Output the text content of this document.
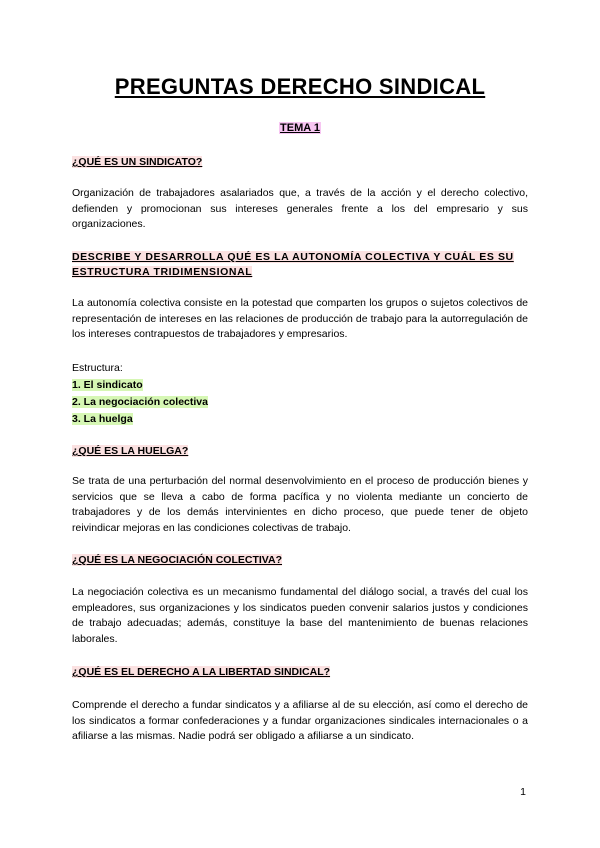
PREGUNTAS DERECHO SINDICAL
TEMA 1
¿QUÉ ES UN SINDICATO?
Organización de trabajadores asalariados que, a través de la acción y el derecho colectivo, defienden y promocionan sus intereses generales frente a los del empresario y sus organizaciones.
DESCRIBE Y DESARROLLA QUÉ ES LA AUTONOMÍA COLECTIVA Y CUÁL ES SU ESTRUCTURA TRIDIMENSIONAL
La autonomía colectiva consiste en la potestad que comparten los grupos o sujetos colectivos de representación de intereses en las relaciones de producción de trabajo para la autorregulación de los intereses contrapuestos de trabajadores y empresarios.
Estructura:
1. El sindicato
2. La negociación colectiva
3. La huelga
¿QUÉ ES LA HUELGA?
Se trata de una perturbación del normal desenvolvimiento en el proceso de producción bienes y servicios que se lleva a cabo de forma pacífica y no violenta mediante un concierto de trabajadores y de los demás intervinientes en dicho proceso, que puede tener de objeto reivindicar mejoras en las condiciones colectivas de trabajo.
¿QUÉ ES LA NEGOCIACIÓN COLECTIVA?
La negociación colectiva es un mecanismo fundamental del diálogo social, a través del cual los empleadores, sus organizaciones y los sindicatos pueden convenir salarios justos y condiciones de trabajo adecuadas; además, constituye la base del mantenimiento de buenas relaciones laborales.
¿QUÉ ES EL DERECHO A LA LIBERTAD SINDICAL?
Comprende el derecho a fundar sindicatos y a afiliarse al de su elección, así como el derecho de los sindicatos a formar confederaciones y a fundar organizaciones sindicales internacionales o a afiliarse a las mismas. Nadie podrá ser obligado a afiliarse a un sindicato.
1
